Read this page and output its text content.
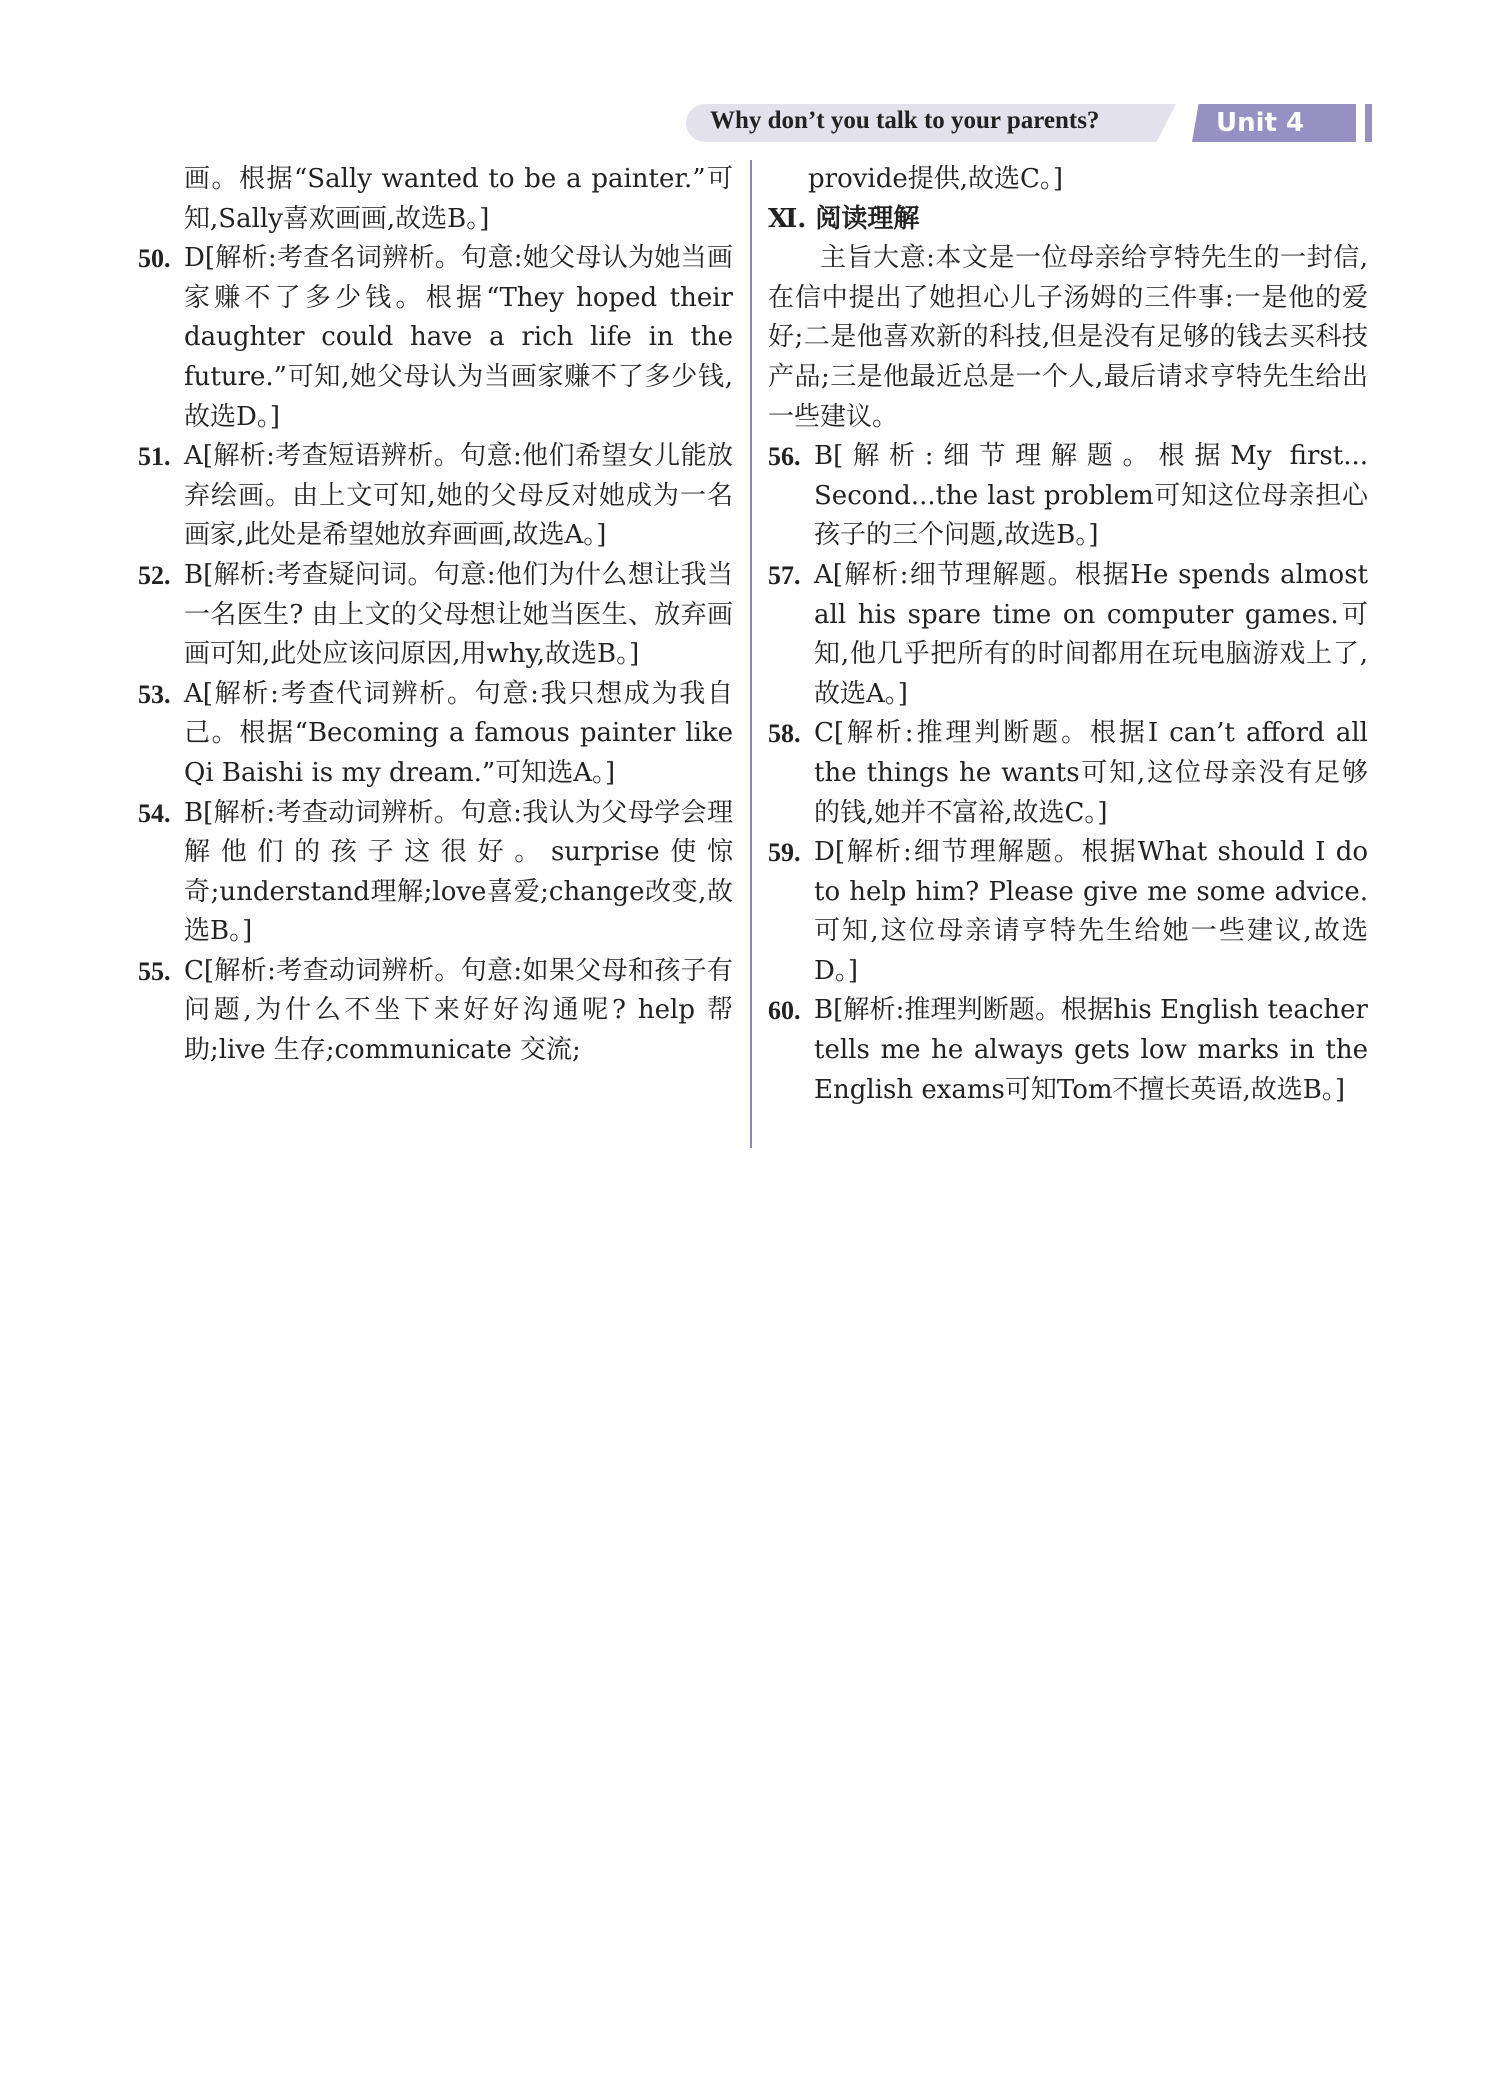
Why don’t you talk to your parents?	Unit 4
画。根据“Sally wanted to be a painter.”可知,Sally喜欢画画,故选B。]
50. D[解析:考查名词辨析。句意:她父母认为她当画家赚不了多少钱。根据“They hoped their daughter could have a rich life in the future.”可知,她父母认为当画家赚不了多少钱,故选D。]
51. A[解析:考查短语辨析。句意:他们希望女儿能放弃绘画。由上文可知,她的父母反对她成为一名画家,此处是希望她放弃画画,故选A。]
52. B[解析:考查疑问词。句意:他们为什么想让我当一名医生? 由上文的父母想让她当医生、放弃画画可知,此处应该问原因,用why,故选B。]
53. A[解析:考查代词辨析。句意:我只想成为我自己。根据“Becoming a famous painter like Qi Baishi is my dream.”可知选A。]
54. B[解析:考查动词辨析。句意:我认为父母学会理解他们的孩子这很好。surprise使惊奇;understand理解;love喜爱;change改变,故选B。]
55. C[解析:考查动词辨析。句意:如果父母和孩子有问题,为什么不坐下来好好沟通呢? help 帮助;live 生存;communicate 交流;
provide提供,故选C。]
Ⅺ. 阅读理解
主旨大意:本文是一位母亲给亨特先生的一封信,在信中提出了她担心儿子汤姆的三件事:一是他的爱好;二是他喜欢新的科技,但是没有足够的钱去买科技产品;三是他最近总是一个人,最后请求亨特先生给出一些建议。
56. B[解析:细节理解题。根据My first... Second...the last problem可知这位母亲担心孩子的三个问题,故选B。]
57. A[解析:细节理解题。根据He spends almost all his spare time on computer games.可知,他几乎把所有的时间都用在玩电脑游戏上了,故选A。]
58. C[解析:推理判断题。根据I can’t afford all the things he wants可知,这位母亲没有足够的钱,她并不富裕,故选C。]
59. D[解析:细节理解题。根据What should I do to help him? Please give me some advice.可知,这位母亲请亨特先生给她一些建议,故选D。]
60. B[解析:推理判断题。根据his English teacher tells me he always gets low marks in the English exams可知Tom不擅长英语,故选B。]
